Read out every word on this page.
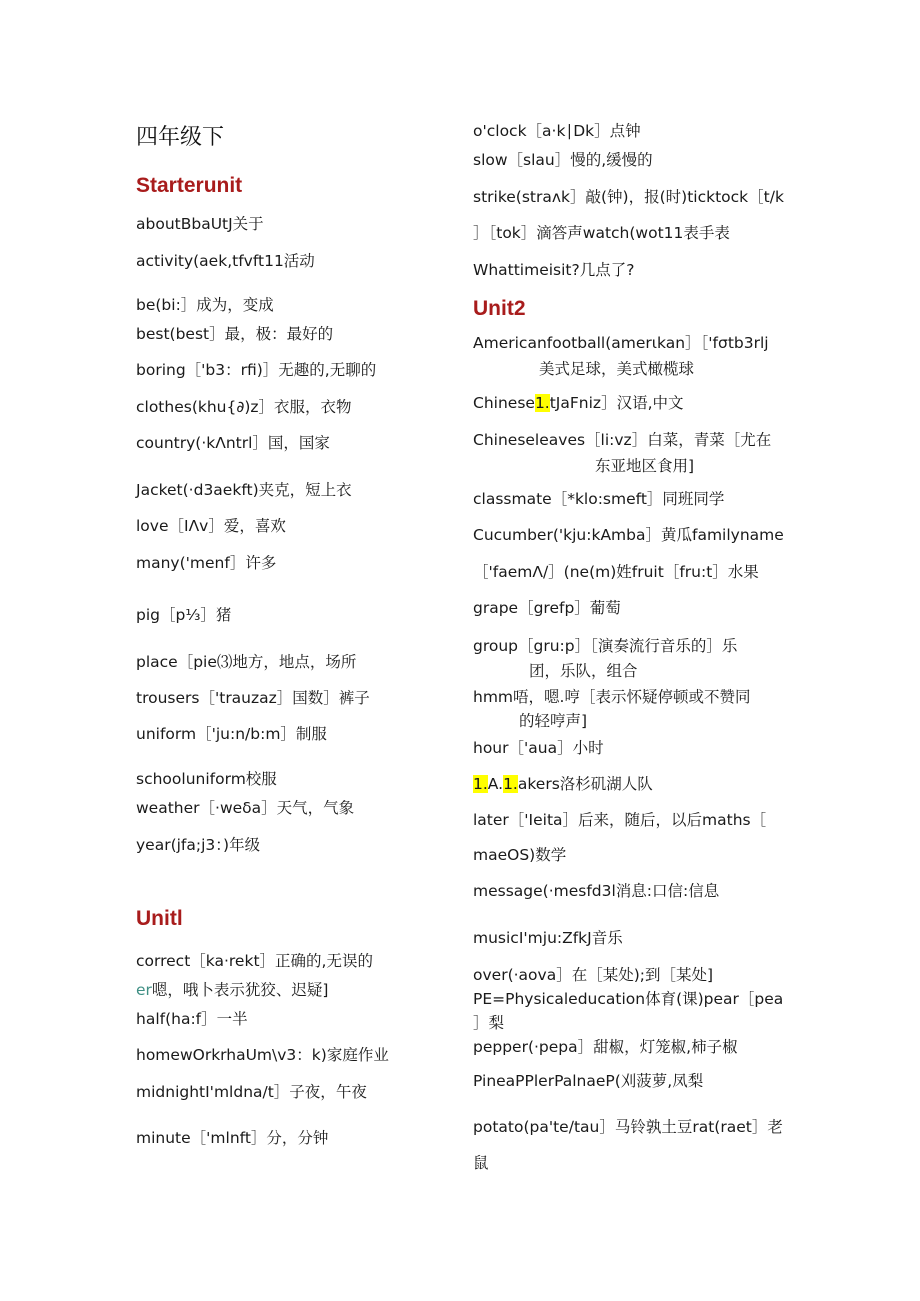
四年级下
Starterunit
aboutBbaUtJ关于
activity(aek,tfvft11活动
be(bi:］成为，变成
best(best］最，极：最好的
boring［'b3：rfi)］无趣的,无聊的
clothes(khu{∂)z］衣服，衣物
country(·kΛntrl］国，国家
Jacket(·d3aekft)夹克，短上衣
love［IΛv］爱，喜欢
many('menf］许多
pig［p⅓］猪
place［pie⑶地方，地点，场所
trousers［'trauzaz］国数］裤子
uniform［'ju:n/b:m］制服
schooluniform校服
weather［·weδa］天气，气象
year(jfa;j3：)年级
Unitl
correct［ka·rekt］正确的,无误的
er嗯，哦卜表示犹狡、迟疑]
half(ha:f］一半
homewOrkrhaUm\v3：k)家庭作业
midnightI'mldna/t］子夜，午夜
minute［'mlnft］分，分钟
o'clock［a·k∣Dk］点钟
slow［slau］慢的,缓慢的
strike(straʌk］敲(钟)，报(时)ticktock［t∕k
］［tok］滴答声watch(wot11表手表
Whattimeisit?几点了?
Unit2
Americanfootball(amerιkan］［'fσtb3rlj
美式足球，美式橄榄球
Chinese1.tJaFniz］汉语,中文
Chineseleaves［li:vz］白菜，青菜［尤在
东亚地区食用]
classmate［*klo:smeft］同班同学
Cucumber('kju:kAmba］黄瓜familyname
［'faemΛ∕］(ne(m)姓fruit［fru:t］水果
grape［grefp］葡萄
group［gru:p］［演奏流行音乐的］乐
团，乐队，组合
hmm唔，嗯.哼［表示怀疑停顿或不赞同
的轻哼声]
hour［'aua］小时
1.A.1.akers洛杉矶湖人队
later［'Ieita］后来，随后，以后maths［
maeOS)数学
message(·mesfd3l消息:口信:信息
musicI'mju:ZfkJ音乐
over(·aova］在［某处);到［某处]
PE=Physicaleducation体育(课)pear［pea
］梨
pepper(·pepa］甜椒，灯笼椒,柿子椒
PineaPPlerPalnaeP(刈菠萝,凤梨
potato(pa'te∕tau］马铃孰土豆rat(raet］老
鼠
